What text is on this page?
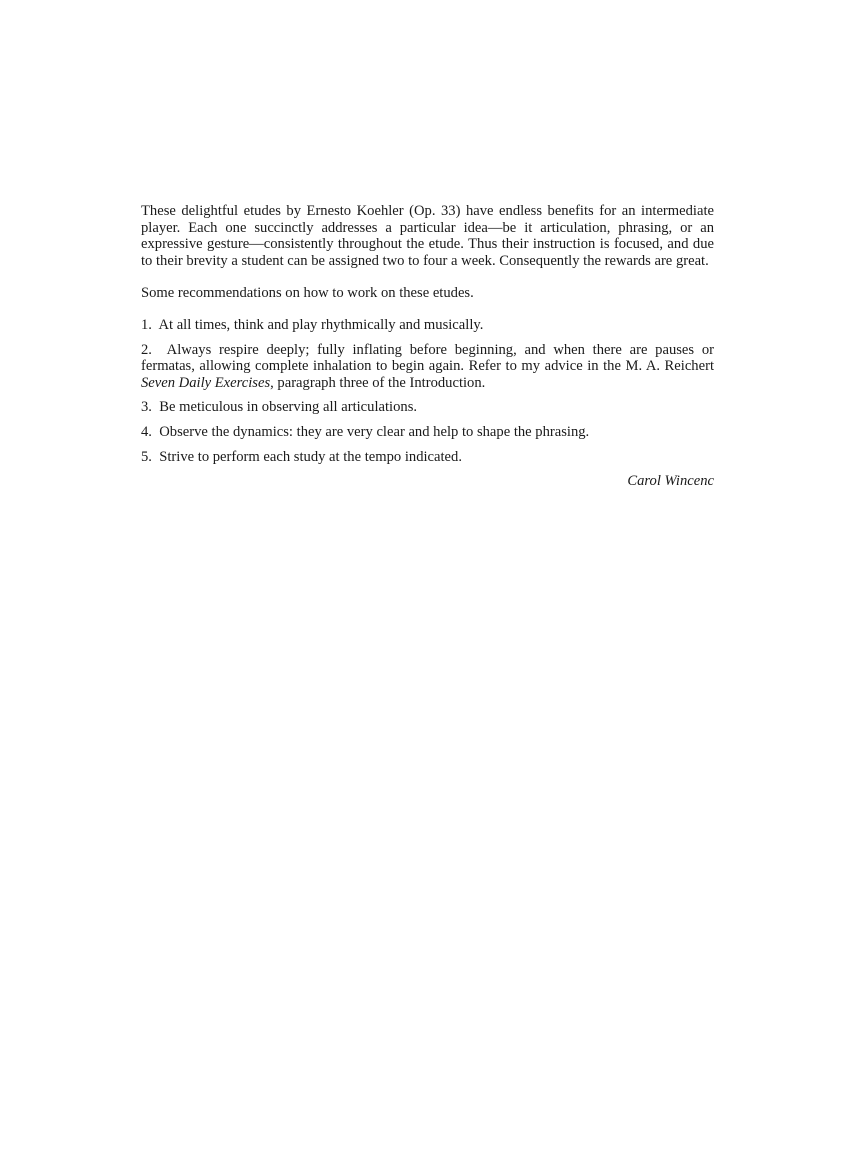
These delightful etudes by Ernesto Koehler (Op. 33) have endless benefits for an intermediate player. Each one succinctly addresses a particular idea—be it articulation, phrasing, or an expressive gesture—consistently throughout the etude. Thus their instruction is focused, and due to their brevity a student can be assigned two to four a week. Consequently the rewards are great.

Some recommendations on how to work on these etudes.

1. At all times, think and play rhythmically and musically.

2. Always respire deeply; fully inflating before beginning, and when there are pauses or fermatas, allowing complete inhalation to begin again. Refer to my advice in the M. A. Reichert Seven Daily Exercises, paragraph three of the Introduction.

3. Be meticulous in observing all articulations.

4. Observe the dynamics: they are very clear and help to shape the phrasing.

5. Strive to perform each study at the tempo indicated.

Carol Wincenc
